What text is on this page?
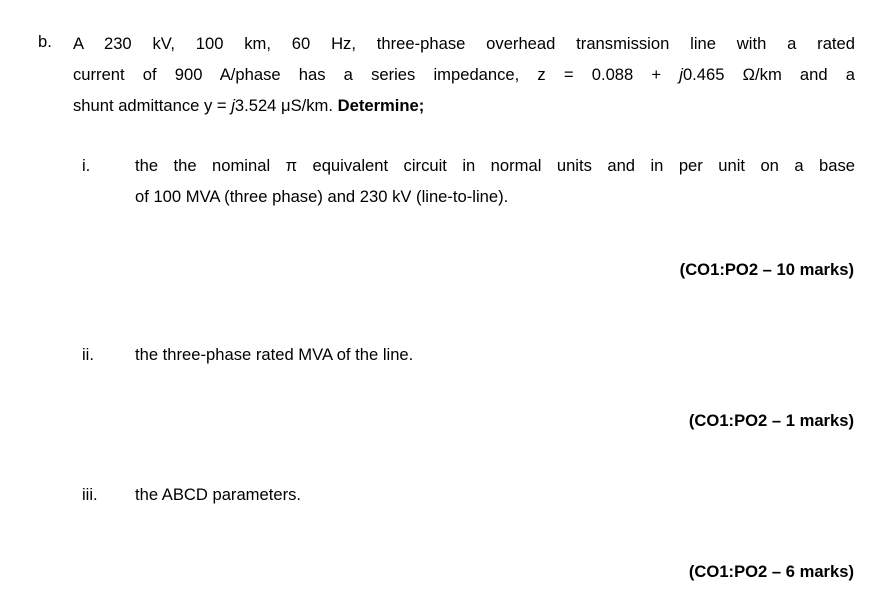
b. A 230 kV, 100 km, 60 Hz, three-phase overhead transmission line with a rated
current of 900 A/phase has a series impedance, z = 0.088 + j0.465 Ω/km and a
shunt admittance y = j3.524 μS/km. Determine;
i.	the the nominal π equivalent circuit in normal units and in per unit on a base
of 100 MVA (three phase) and 230 kV (line-to-line).
(CO1:PO2 – 10 marks)
ii.	the three-phase rated MVA of the line.
(CO1:PO2 – 1 marks)
iii.	the ABCD parameters.
(CO1:PO2 – 6 marks)
